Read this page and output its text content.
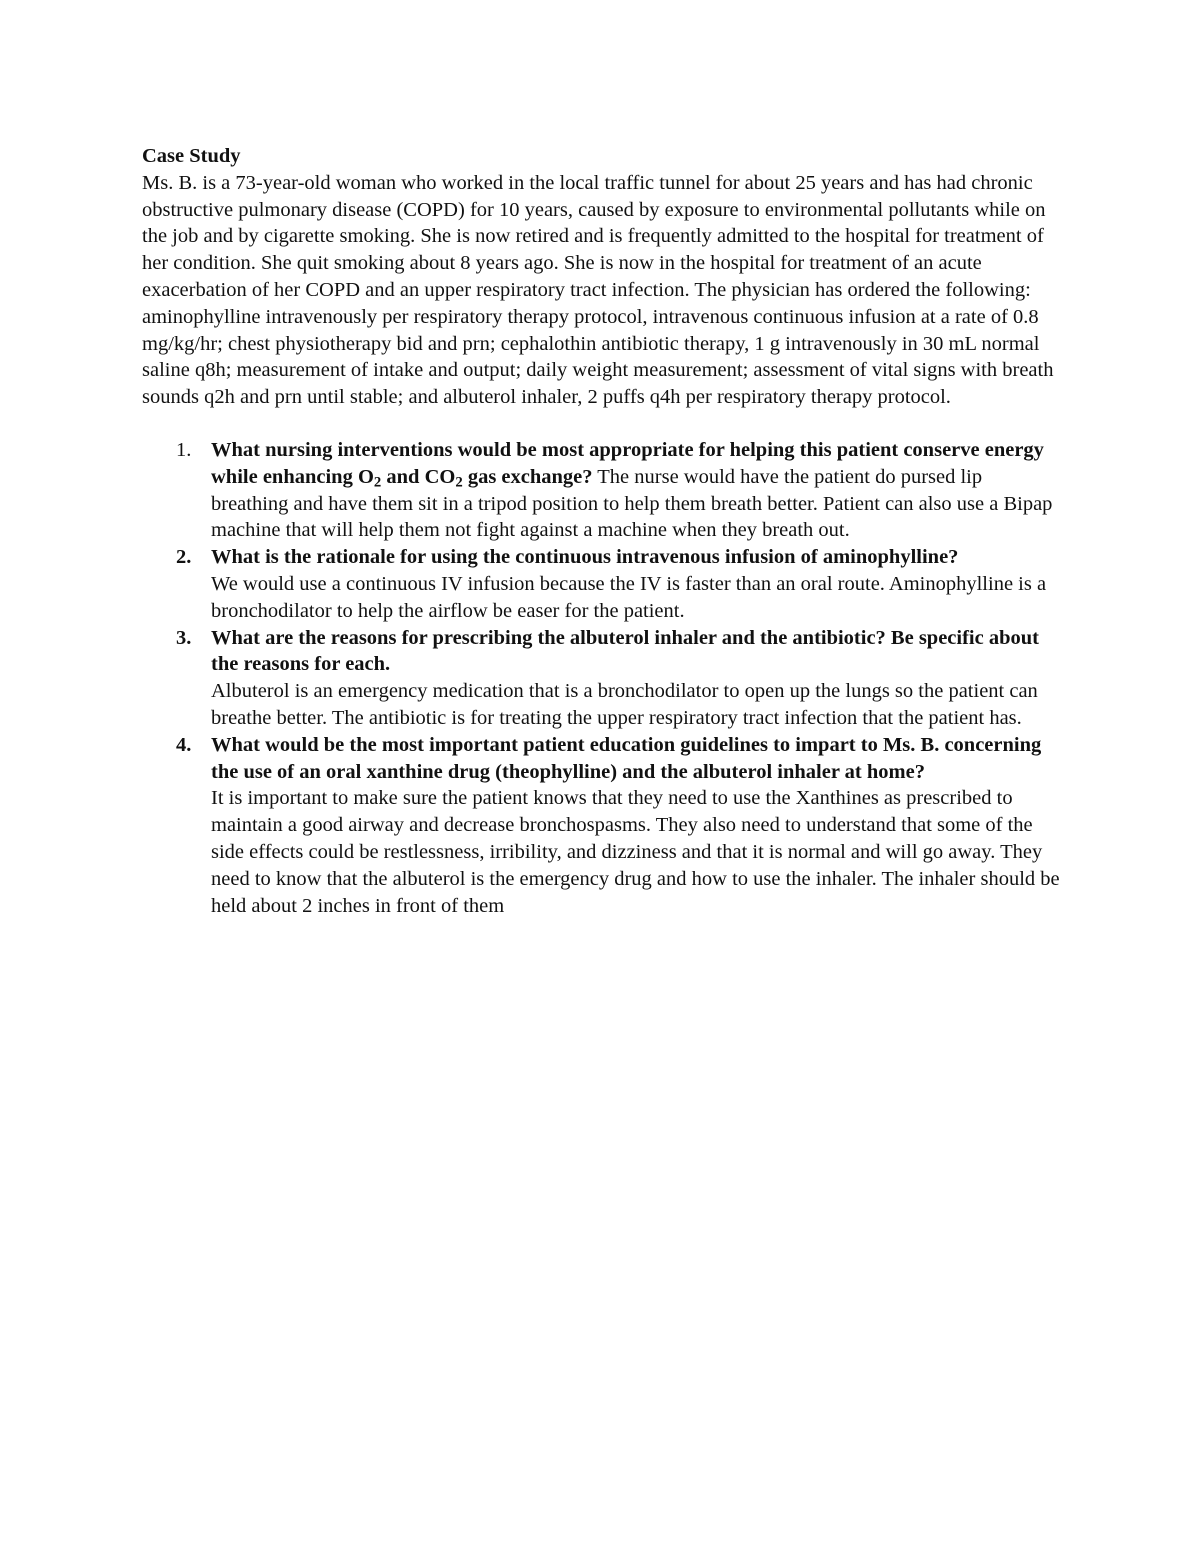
Case Study

Ms. B. is a 73-year-old woman who worked in the local traffic tunnel for about 25 years and has had chronic obstructive pulmonary disease (COPD) for 10 years, caused by exposure to environmental pollutants while on the job and by cigarette smoking. She is now retired and is frequently admitted to the hospital for treatment of her condition. She quit smoking about 8 years ago. She is now in the hospital for treatment of an acute exacerbation of her COPD and an upper respiratory tract infection. The physician has ordered the following: aminophylline intravenously per respiratory therapy protocol, intravenous continuous infusion at a rate of 0.8 mg/kg/hr; chest physiotherapy bid and prn; cephalothin antibiotic therapy, 1 g intravenously in 30 mL normal saline q8h; measurement of intake and output; daily weight measurement; assessment of vital signs with breath sounds q2h and prn until stable; and albuterol inhaler, 2 puffs q4h per respiratory therapy protocol.

1. What nursing interventions would be most appropriate for helping this patient conserve energy while enhancing $O_2$ and $CO_2$ gas exchange? The nurse would have the patient do pursed lip breathing and have them sit in a tripod position to help them breath better. Patient can also use a Bipap machine that will help them not fight against a machine when they breath out.
2. What is the rationale for using the continuous intravenous infusion of aminophylline?
We would use a continuous IV infusion because the IV is faster than an oral route. Aminophylline is a bronchodilator to help the airflow be easer for the patient.
3. What are the reasons for prescribing the albuterol inhaler and the antibiotic? Be specific about the reasons for each.
Albuterol is an emergency medication that is a bronchodilator to open up the lungs so the patient can breathe better. The antibiotic is for treating the upper respiratory tract infection that the patient has.
4. What would be the most important patient education guidelines to impart to Ms. B. concerning the use of an oral xanthine drug (theophylline) and the albuterol inhaler at home?
It is important to make sure the patient knows that they need to use the Xanthines as prescribed to maintain a good airway and decrease bronchospasms. They also need to understand that some of the side effects could be restlessness, irribility, and dizziness and that it is normal and will go away. They need to know that the albuterol is the emergency drug and how to use the inhaler. The inhaler should be held about 2 inches in front of them
